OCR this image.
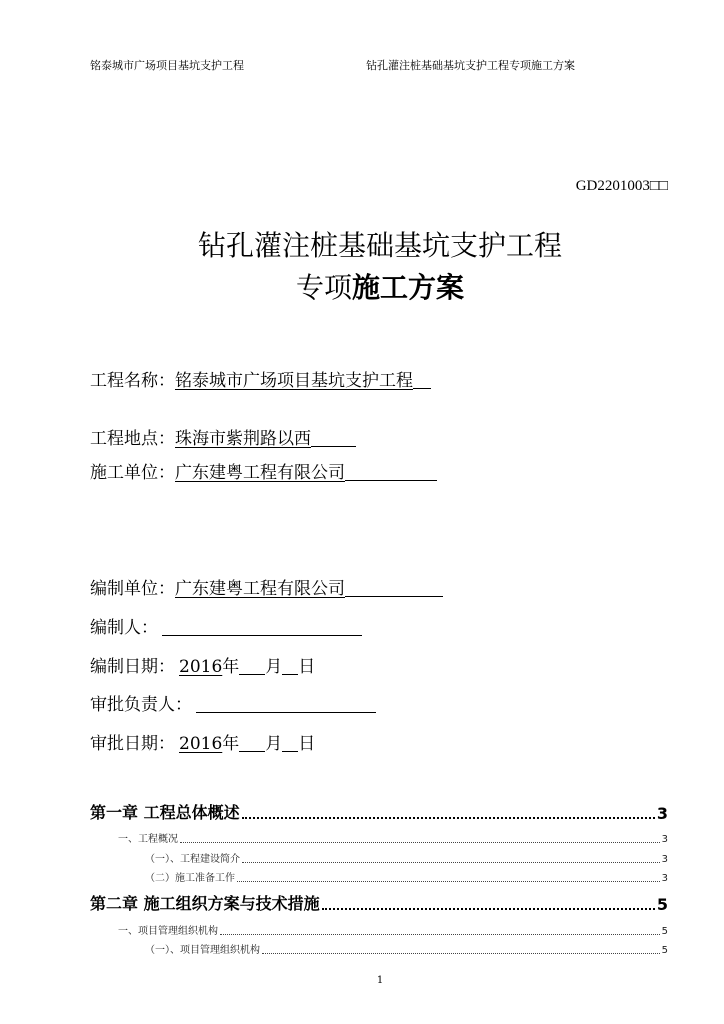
铭泰城市广场项目基坑支护工程	钻孔灌注桩基础基坑支护工程专项施工方案
GD2201003□□
钻孔灌注桩基础基坑支护工程
专项施工方案
工程名称：铭泰城市广场项目基坑支护工程
工程地点：珠海市紫荆路以西
施工单位：广东建粤工程有限公司
编制单位：广东建粤工程有限公司
编制人：
编制日期： 2016年 月 日
审批负责人：
审批日期： 2016年 月 日
第一章 工程总体概述	3
一、工程概况	3
（一）、工程建设简介	3
（二）施工准备工作	3
第二章 施工组织方案与技术措施	5
一、项目管理组织机构	5
（一）、项目管理组织机构	5
1
